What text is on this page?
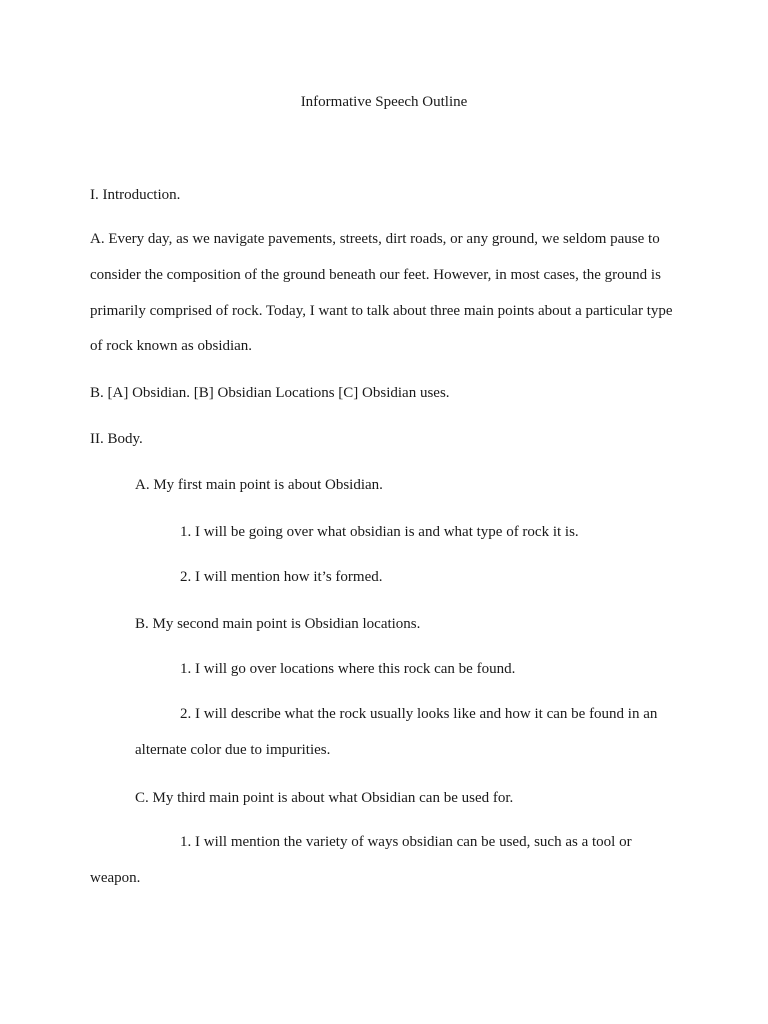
Informative Speech Outline
I. Introduction.
A. Every day, as we navigate pavements, streets, dirt roads, or any ground, we seldom pause to consider the composition of the ground beneath our feet. However, in most cases, the ground is primarily comprised of rock. Today, I want to talk about three main points about a particular type of rock known as obsidian.
B. [A] Obsidian. [B] Obsidian Locations [C] Obsidian uses.
II. Body.
A. My first main point is about Obsidian.
1. I will be going over what obsidian is and what type of rock it is.
2. I will mention how it’s formed.
B. My second main point is Obsidian locations.
1. I will go over locations where this rock can be found.
2. I will describe what the rock usually looks like and how it can be found in an alternate color due to impurities.
C. My third main point is about what Obsidian can be used for.
1. I will mention the variety of ways obsidian can be used, such as a tool or weapon.
